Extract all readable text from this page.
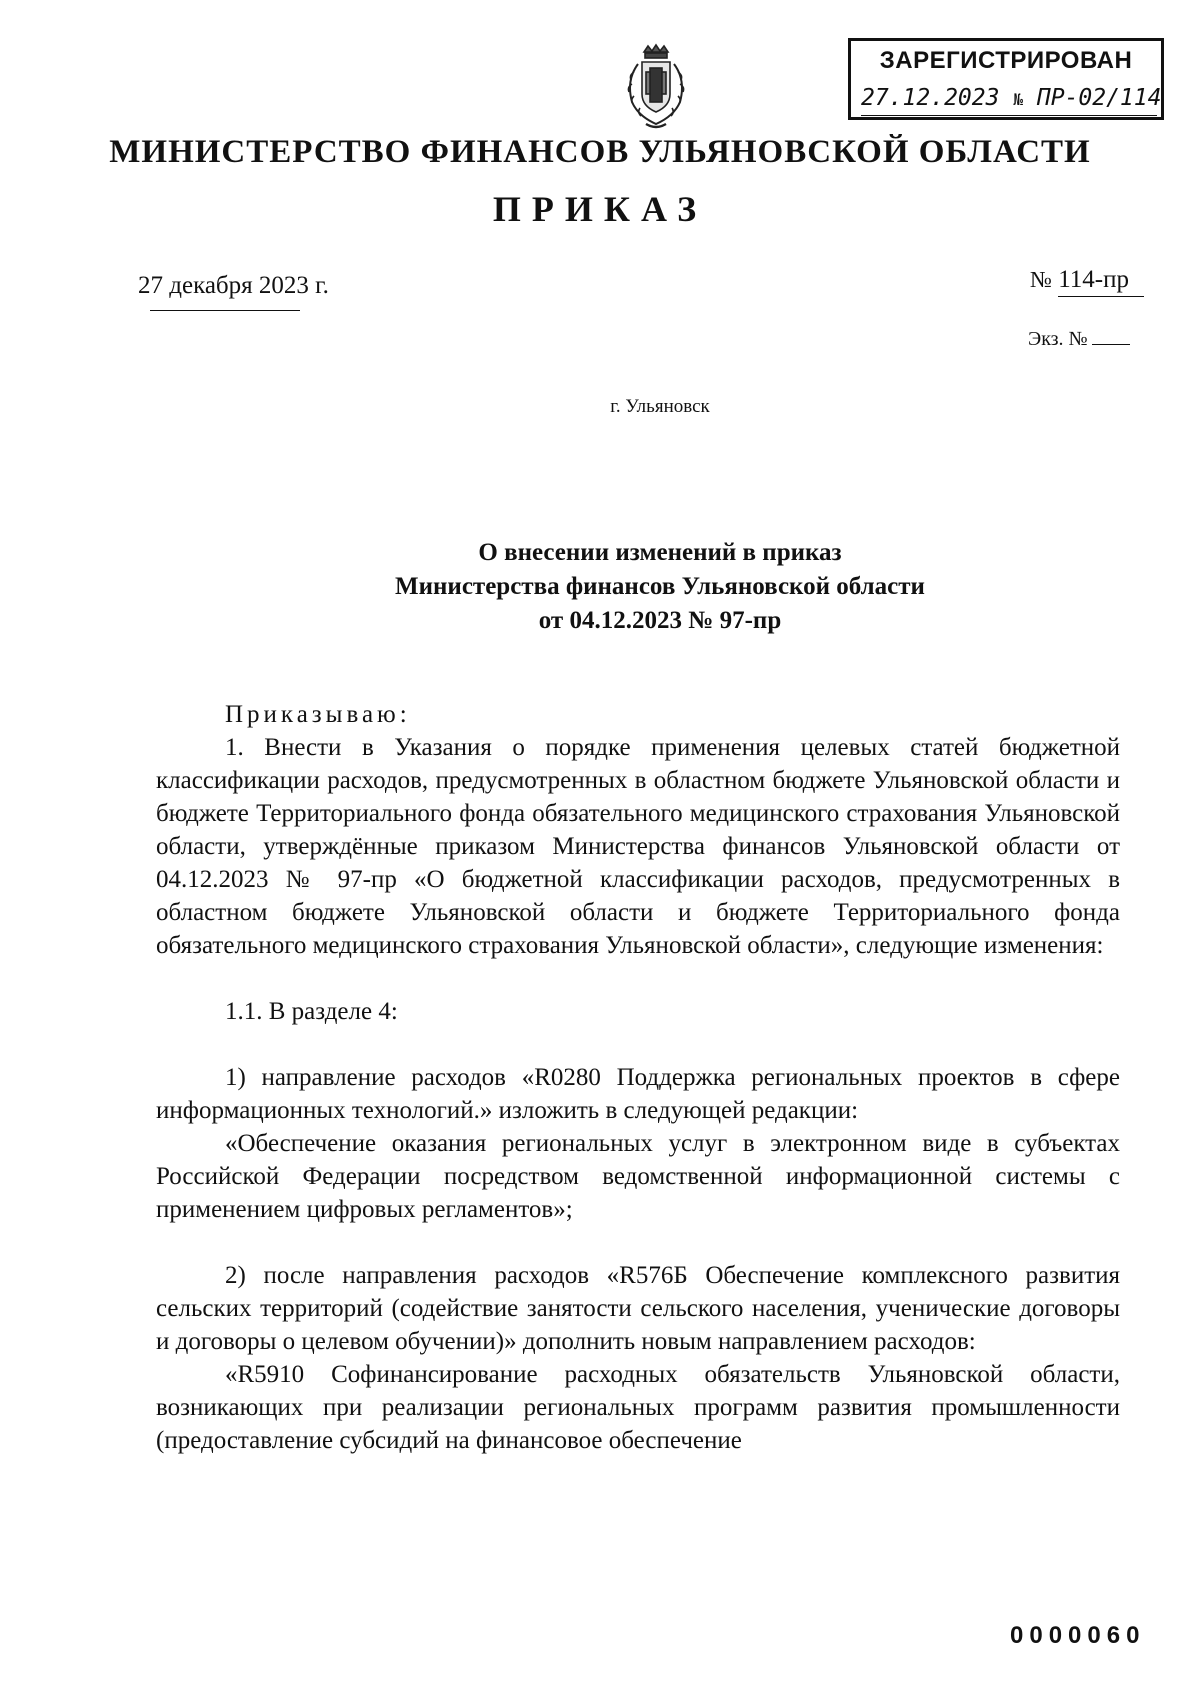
ЗАРЕГИСТРИРОВАН
27.12.2023 № ПР-02/114
МИНИСТЕРСТВО ФИНАНСОВ УЛЬЯНОВСКОЙ ОБЛАСТИ
ПРИКАЗ
27 декабря 2023 г.	№ 114-пр
Экз. №
г. Ульяновск
О внесении изменений в приказ
Министерства финансов Ульяновской области
от 04.12.2023 № 97-пр

Приказываю:

1. Внести в Указания о порядке применения целевых статей бюджетной классификации расходов, предусмотренных в областном бюджете Ульяновской области и бюджете Территориального фонда обязательного медицинского страхования Ульяновской области, утверждённые приказом Министерства финансов Ульяновской области от 04.12.2023 № 97-пр «О бюджетной классификации расходов, предусмотренных в областном бюджете Ульяновской области и бюджете Территориального фонда обязательного медицинского страхования Ульяновской области», следующие изменения:

1.1. В разделе 4:

1) направление расходов «R0280 Поддержка региональных проектов в сфере информационных технологий.» изложить в следующей редакции:

«Обеспечение оказания региональных услуг в электронном виде в субъектах Российской Федерации посредством ведомственной информационной системы с применением цифровых регламентов»;

2) после направления расходов «R576Б Обеспечение комплексного развития сельских территорий (содействие занятости сельского населения, ученические договоры и договоры о целевом обучении)» дополнить новым направлением расходов:

«R5910 Софинансирование расходных обязательств Ульяновской области, возникающих при реализации региональных программ развития промышленности (предоставление субсидий на финансовое обеспечение

0000060
